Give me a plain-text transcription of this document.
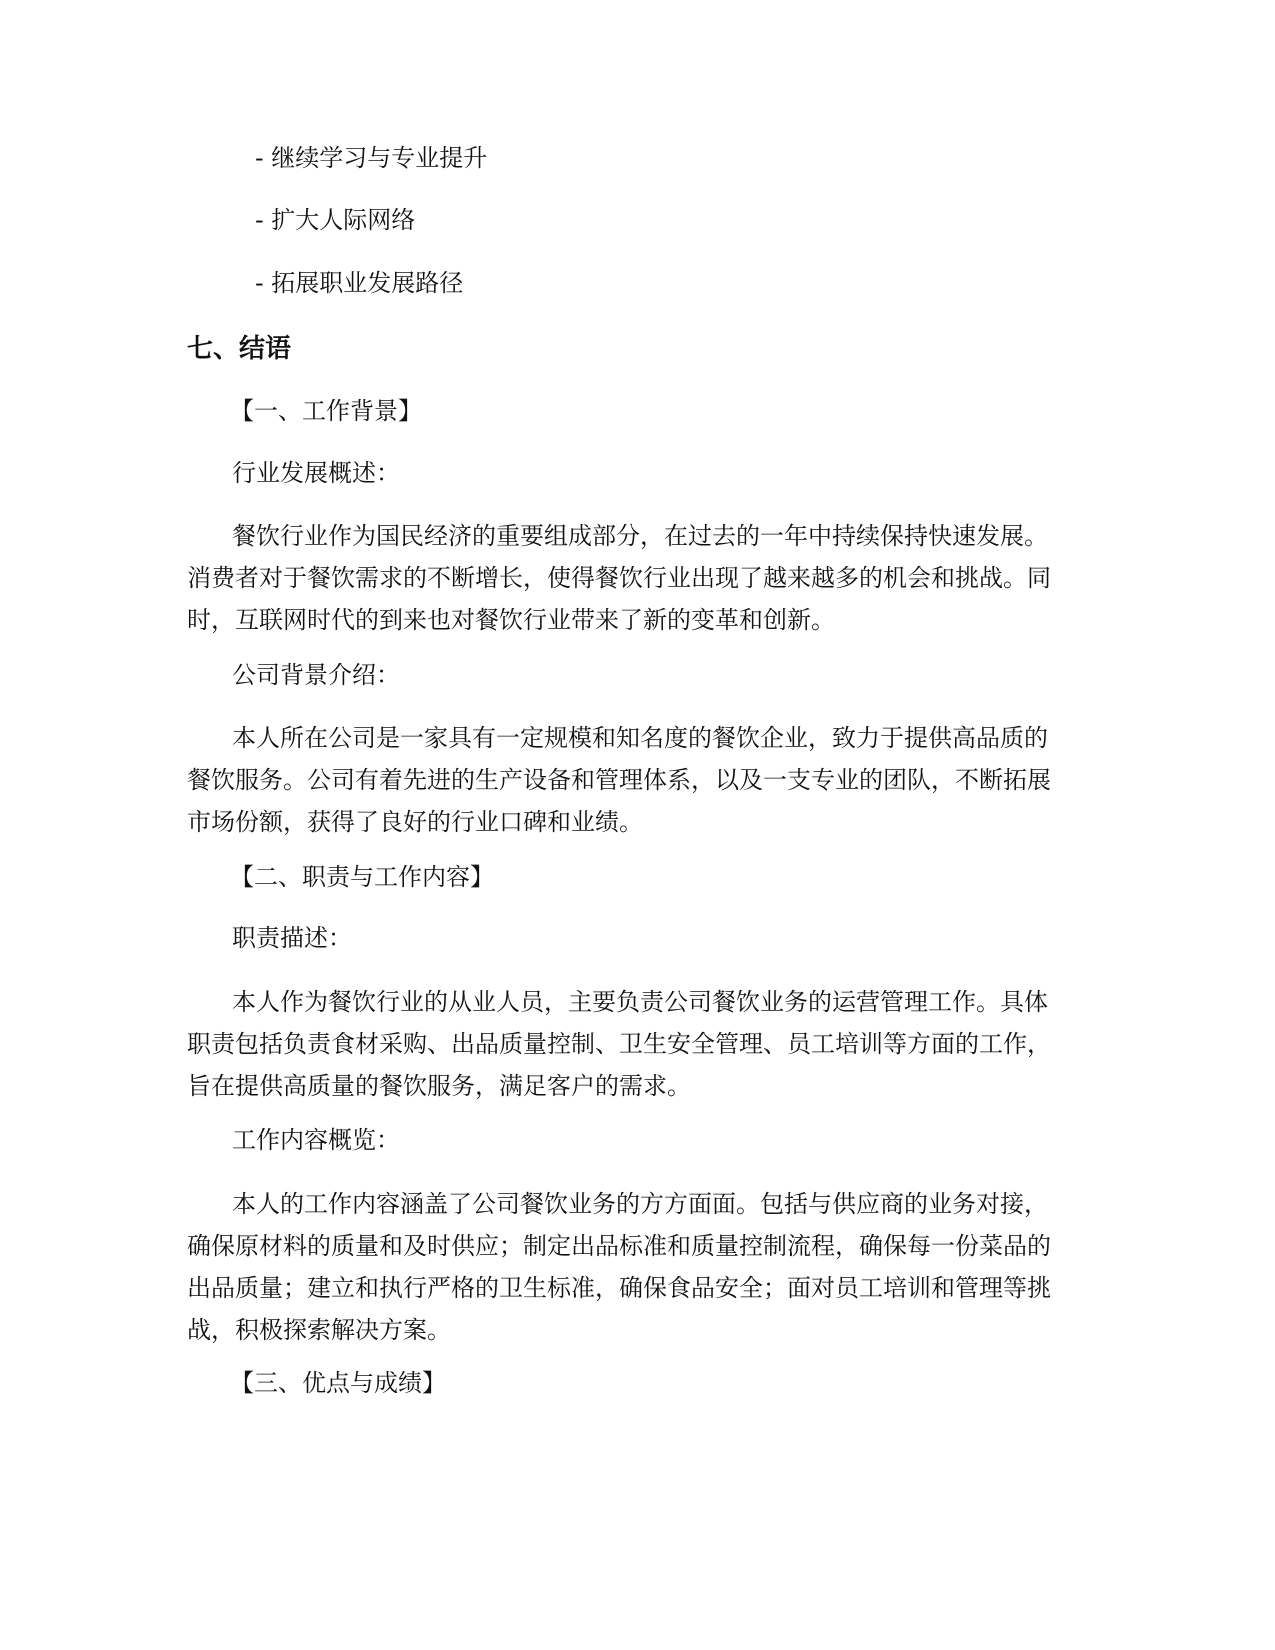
- 继续学习与专业提升
- 扩大人际网络
- 拓展职业发展路径
七、结语
【一、工作背景】
行业发展概述：
餐饮行业作为国民经济的重要组成部分，在过去的一年中持续保持快速发展。
消费者对于餐饮需求的不断增长，使得餐饮行业出现了越来越多的机会和挑战。同
时，互联网时代的到来也对餐饮行业带来了新的变革和创新。
公司背景介绍：
本人所在公司是一家具有一定规模和知名度的餐饮企业，致力于提供高品质的
餐饮服务。公司有着先进的生产设备和管理体系，以及一支专业的团队，不断拓展
市场份额，获得了良好的行业口碑和业绩。
【二、职责与工作内容】
职责描述：
本人作为餐饮行业的从业人员，主要负责公司餐饮业务的运营管理工作。具体
职责包括负责食材采购、出品质量控制、卫生安全管理、员工培训等方面的工作，
旨在提供高质量的餐饮服务，满足客户的需求。
工作内容概览：
本人的工作内容涵盖了公司餐饮业务的方方面面。包括与供应商的业务对接，
确保原材料的质量和及时供应；制定出品标准和质量控制流程，确保每一份菜品的
出品质量；建立和执行严格的卫生标准，确保食品安全；面对员工培训和管理等挑
战，积极探索解决方案。
【三、优点与成绩】
